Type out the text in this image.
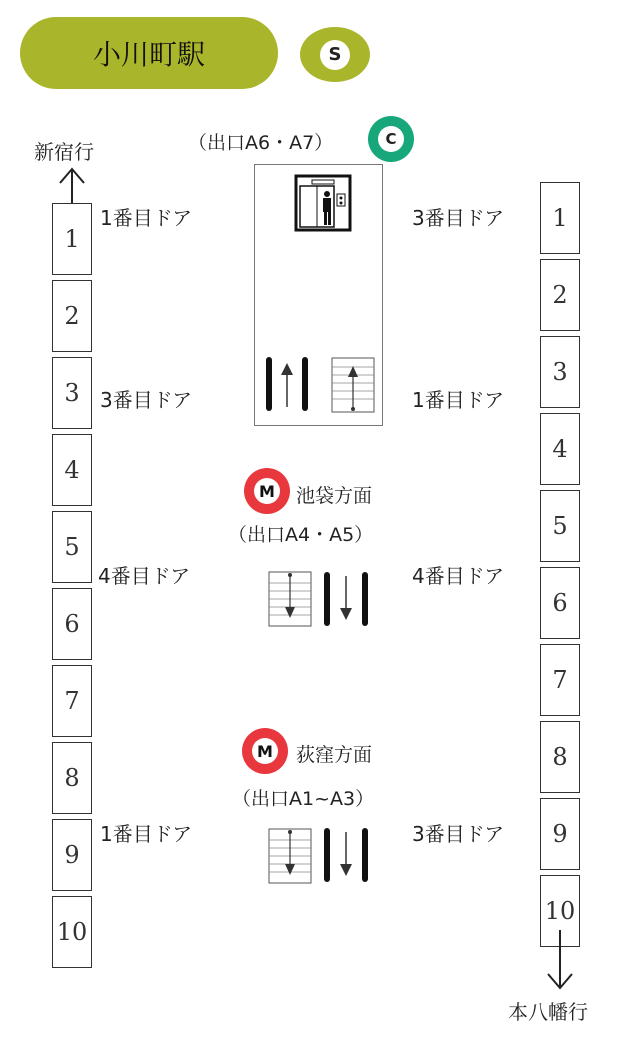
小川町駅	S
新宿行
1
2
3
4
5
6
7
8
9
10
1
2
3
4
5
6
7
8
9
10
本八幡行
（出口A6・A7）	C
M 池袋方面
（出口A4・A5）
M 荻窪方面
（出口A1~A3）
1番目ドア
3番目ドア
4番目ドア
1番目ドア
3番目ドア
1番目ドア
4番目ドア
3番目ドア
